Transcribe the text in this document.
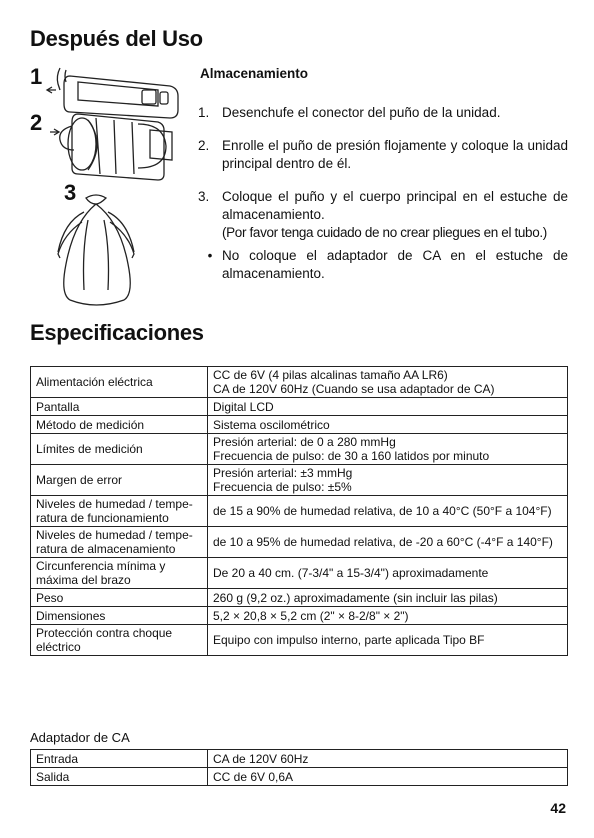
Después del Uso
1
2
3
Almacenamiento
1. Desenchufe el conector del puño de la unidad.
2. Enrolle el puño de presión flojamente y coloque la unidad principal dentro de él.
3. Coloque el puño y el cuerpo principal en el estuche de almacenamiento.
(Por favor tenga cuidado de no crear pliegues en el tubo.)
• No coloque el adaptador de CA en el estuche de almacenamiento.
Especificaciones
Alimentación eléctrica	CC de 6V (4 pilas alcalinas tamaño AA LR6)
CA de 120V 60Hz (Cuando se usa adaptador de CA)

Pantalla	Digital LCD

Método de medición	Sistema oscilométrico

Límites de medición	Presión arterial: de 0 a 280 mmHg
Frecuencia de pulso: de 30 a 160 latidos por minuto

Margen de error	Presión arterial: ±3 mmHg
Frecuencia de pulso: ±5%

Niveles de humedad / tempe-ratura de funcionamiento	de 15 a 90% de humedad relativa, de 10 a 40°C (50°F a 104°F)

Niveles de humedad / tempe-ratura de almacenamiento	de 10 a 95% de humedad relativa, de -20 a 60°C (-4°F a 140°F)

Circunferencia mínima y máxima del brazo	De 20 a 40 cm. (7-3/4" a 15-3/4") aproximadamente

Peso	260 g (9,2 oz.) aproximadamente (sin incluir las pilas)

Dimensiones	5,2 × 20,8 × 5,2 cm (2" × 8-2/8" × 2")

Protección contra choque eléctrico	Equipo con impulso interno, parte aplicada Tipo BF
Adaptador de CA
Entrada	CA de 120V 60Hz

Salida	CC de 6V 0,6A
42
